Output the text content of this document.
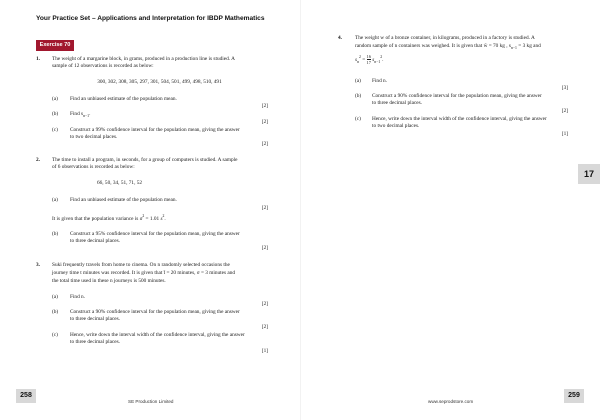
Your Practice Set – Applications and Interpretation for IBDP Mathematics
Exercise 70
1. The weight of a margarine block, in grams, produced in a production line is studied. A
sample of 12 observations is recorded as below:
300, 302, 308, 305, 297, 301, 504, 501, 499, 498, 510, 491
(a) Find an unbiased estimate of the population mean.
[2]
(b) Find $s_{n-1}$.
[2]
(c) Construct a 99% confidence interval for the population mean, giving the answer
to two decimal places.
[2]
2. The time to install a program, in seconds, for a group of computers is studied. A sample
of 6 observations is recorded as below:
66, 50, 34, 51, 71, 52
(a) Find an unbiased estimate of the population mean.
[2]
It is given that the population variance is $\sigma^2 = 1.01$ $s^2$.
(b) Construct a 95% confidence interval for the population mean, giving the answer
to three decimal places.
[2]
3. Suki frequently travels from home to cinema. On n randomly selected occasions the
journey time t minutes was recorded. It is given that t̄ = 20 minutes, σ = 3 minutes and
the total time used in these n journeys is 500 minutes.
(a) Find n.
[2]
(b) Construct a 90% confidence interval for the population mean, giving the answer
to three decimal places.
[2]
(c) Hence, write down the interval width of the confidence interval, giving the answer
to three decimal places.
[1]
4. The weight w of a bronze container, in kilograms, produced in a factory is studied. A
random sample of n containers was weighed. It is given that w̄ = 70 kg , $s_{n-1} = 3$ kg and
$s_n^2 = \frac{16}{17} s_{n-1}^2$.
(a) Find n.
[3]
(b) Construct a 90% confidence interval for the population mean, giving the answer
to three decimal places.
[2]
(c) Hence, write down the interval width of the confidence interval, giving the answer
to two decimal places.
[1]
17
258	259
SE Production Limited	www.seprodstore.com
